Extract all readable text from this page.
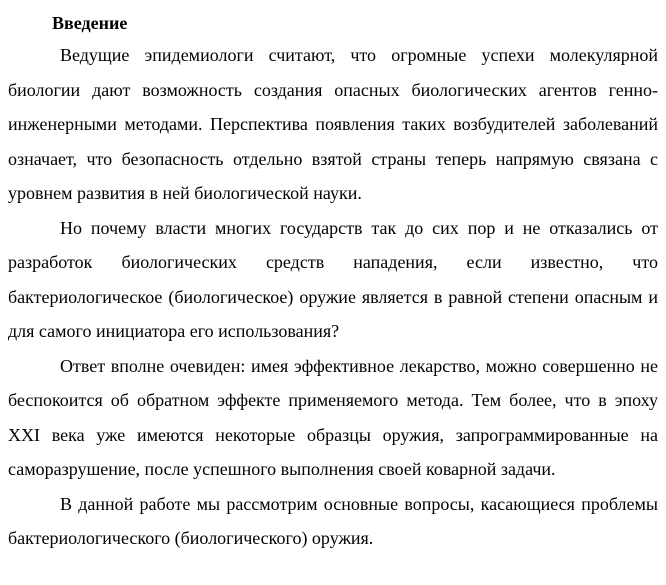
Введение

Ведущие эпидемиологи считают, что огромные успехи молекулярной биологии дают возможность создания опасных биологических агентов генно-инженерными методами. Перспектива появления таких возбудителей заболеваний означает, что безопасность отдельно взятой страны теперь напрямую связана с уровнем развития в ней биологической науки.

Но почему власти многих государств так до сих пор и не отказались от разработок биологических средств нападения, если известно, что бактериологическое (биологическое) оружие является в равной степени опасным и для самого инициатора его использования?

Ответ вполне очевиден: имея эффективное лекарство, можно совершенно не беспокоится об обратном эффекте применяемого метода. Тем более, что в эпоху XXI века уже имеются некоторые образцы оружия, запрограммированные на саморазрушение, после успешного выполнения своей коварной задачи.

В данной работе мы рассмотрим основные вопросы, касающиеся проблемы бактериологического (биологического) оружия.
